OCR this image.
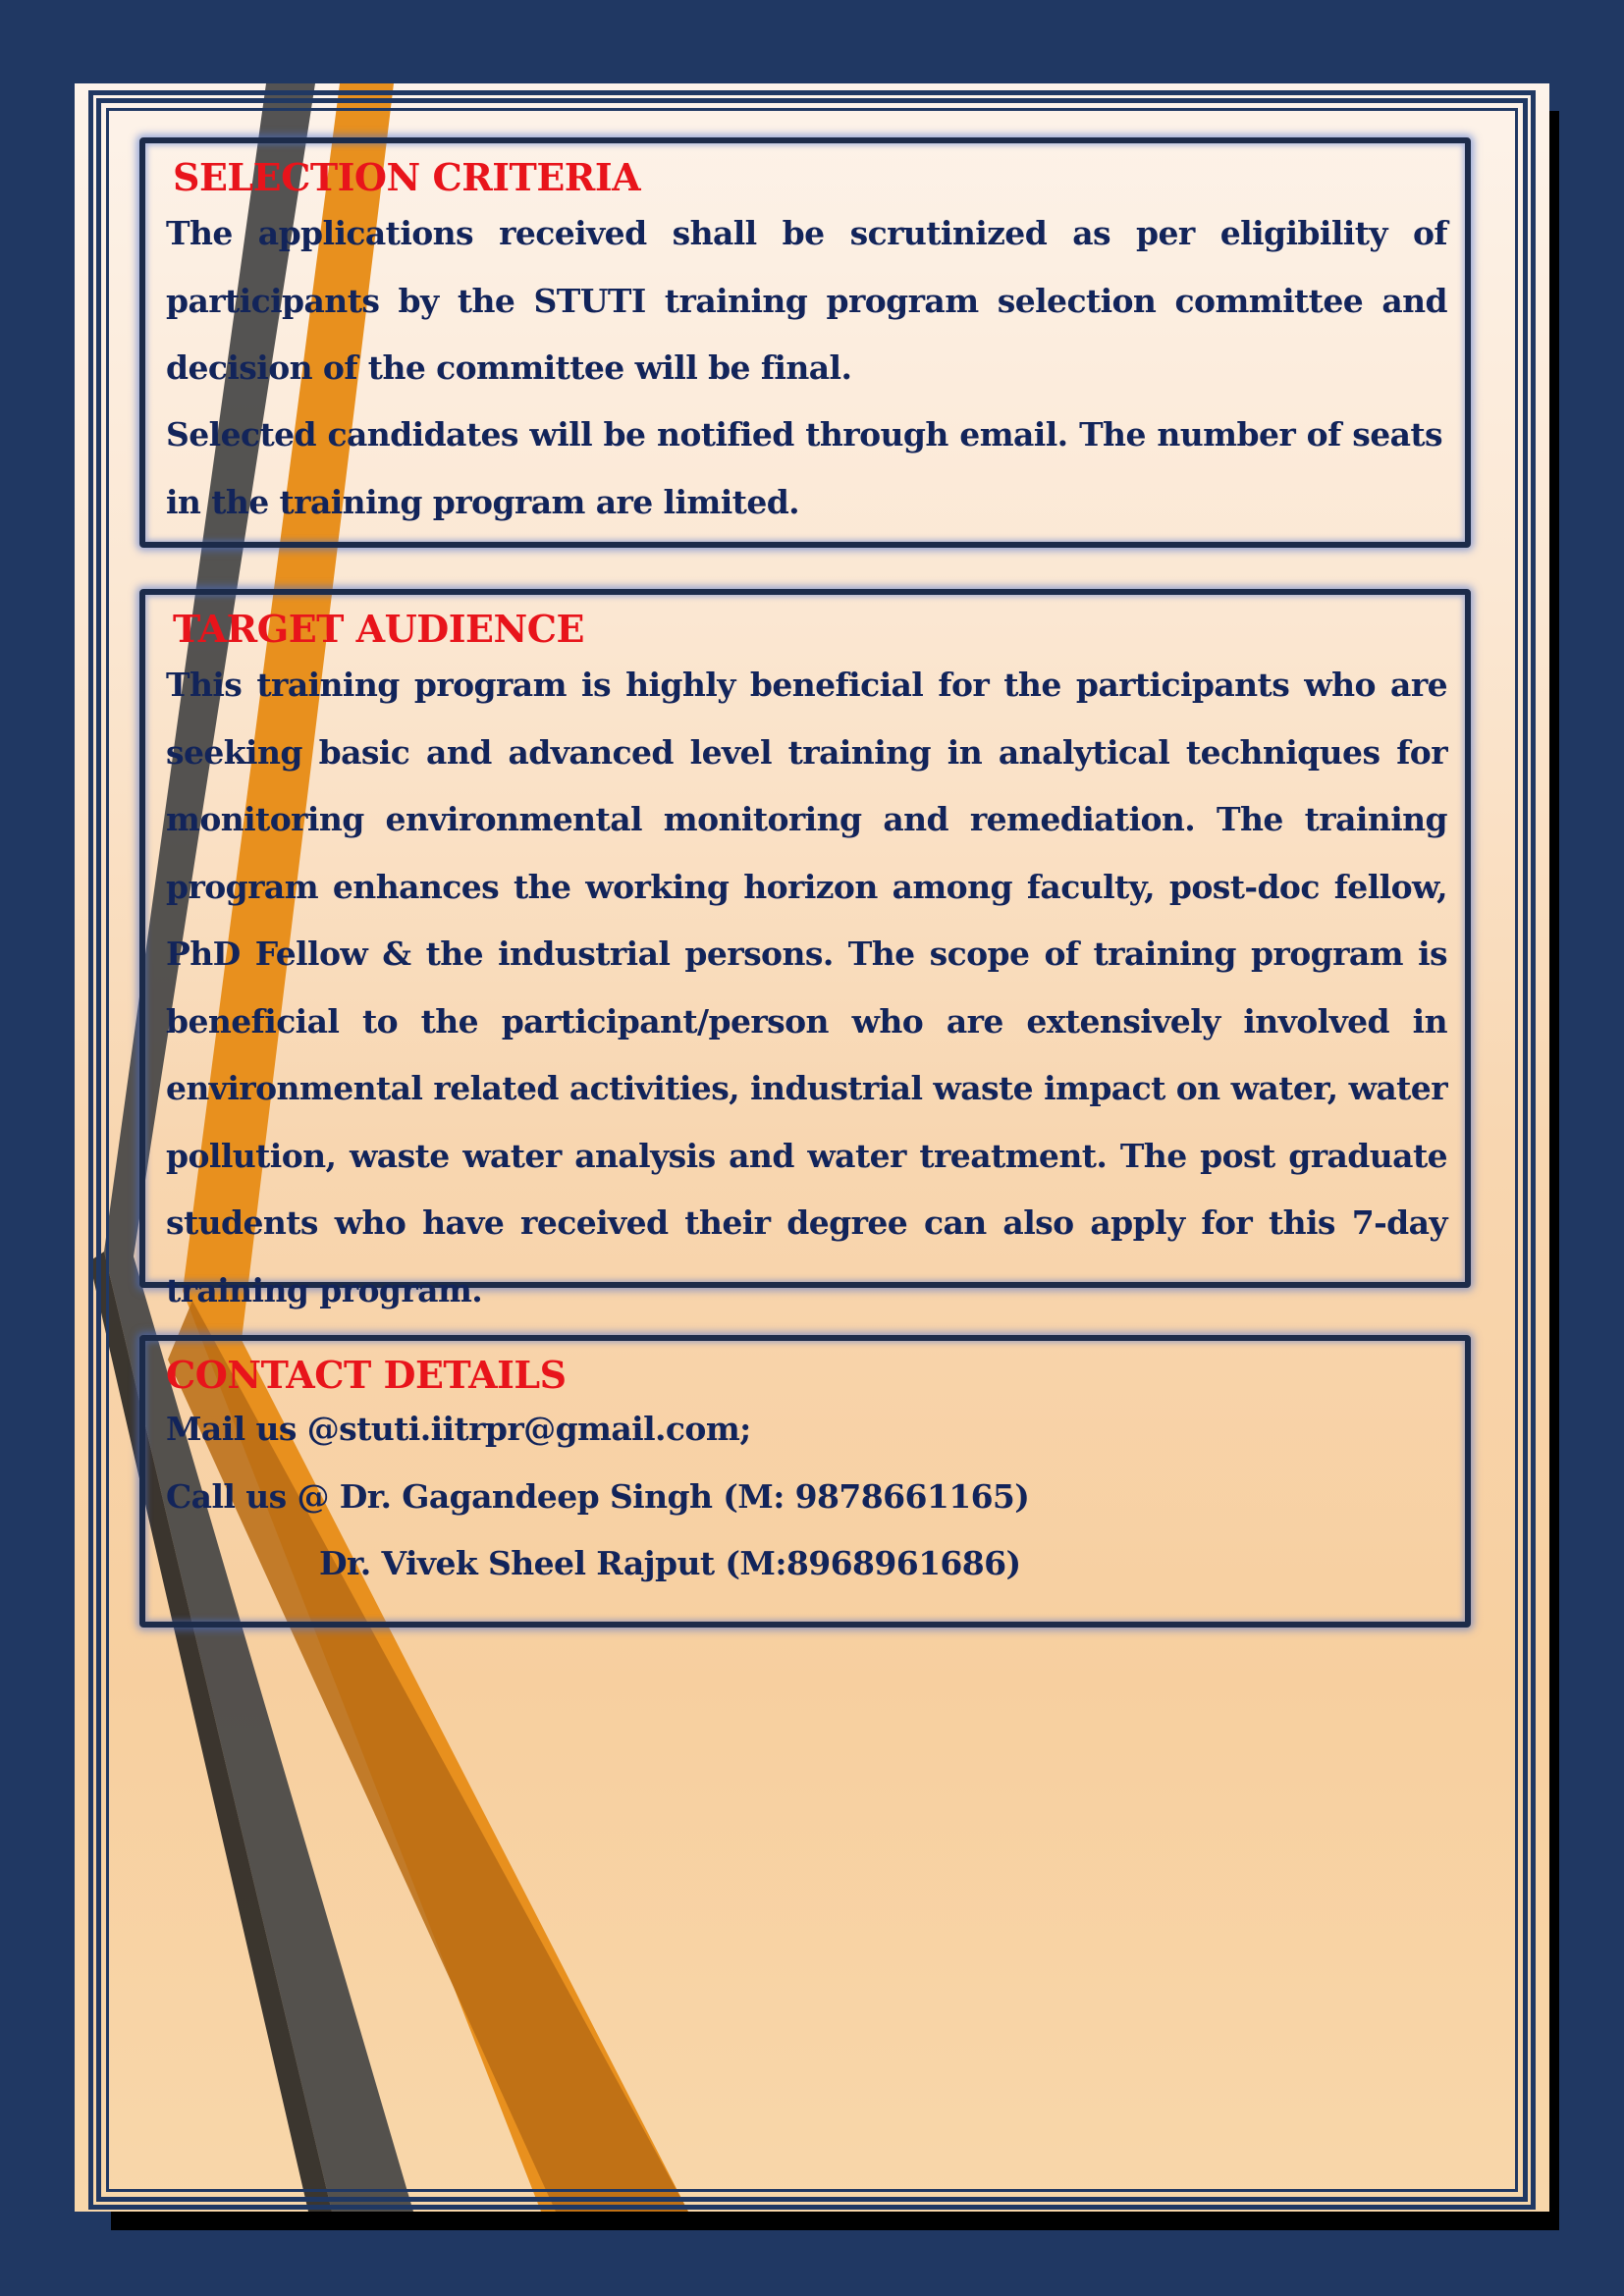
SELECTION CRITERIA
The applications received shall be scrutinized as per eligibility of participants by the STUTI training program selection committee and decision of the committee will be final.
Selected candidates will be notified through email. The number of seats in the training program are limited.
TARGET AUDIENCE
This training program is highly beneficial for the participants who are seeking basic and advanced level training in analytical techniques for monitoring environmental monitoring and remediation. The training program enhances the working horizon among faculty, post-doc fellow, PhD Fellow & the industrial persons. The scope of training program is beneficial to the participant/person who are extensively involved in environmental related activities, industrial waste impact on water, water pollution, waste water analysis and water treatment. The post graduate students who have received their degree can also apply for this 7-day training program.
CONTACT DETAILS
Mail us @stuti.iitrpr@gmail.com;
Call us @ Dr. Gagandeep Singh (M: 9878661165)
Dr. Vivek Sheel Rajput (M:8968961686)
